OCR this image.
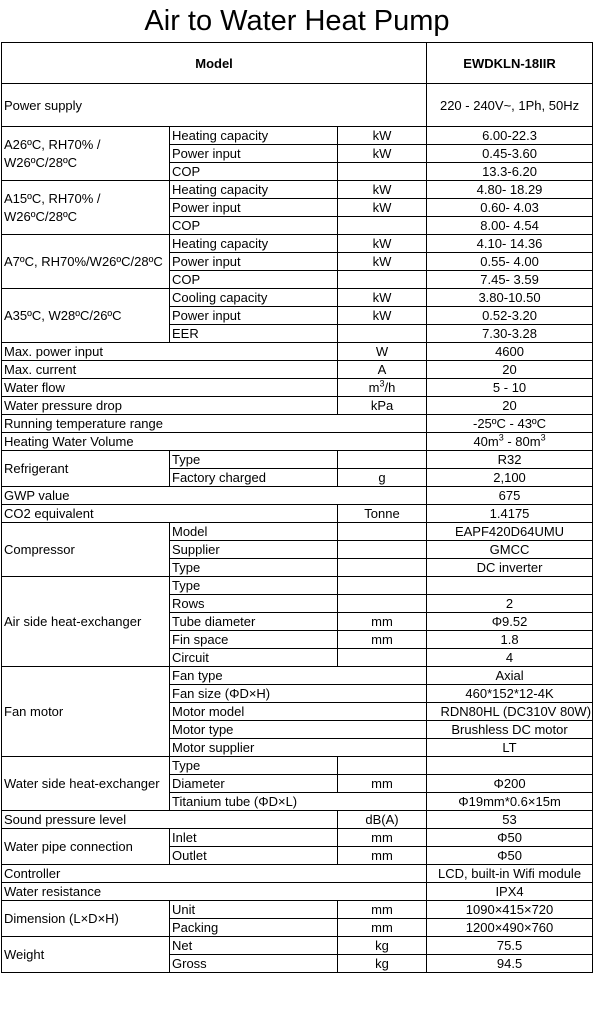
Air to Water Heat Pump
Model			EWDKLN-18IIR
Power supply			220 - 240V~, 1Ph, 50Hz
A26ºC, RH70% / W26ºC/28ºC	Heating capacity	kW	6.00-22.3
	Power input	kW	0.45-3.60
	COP		13.3-6.20
A15ºC, RH70% / W26ºC/28ºC	Heating capacity	kW	4.80- 18.29
	Power input	kW	0.60- 4.03
	COP		8.00- 4.54
A7ºC, RH70%/W26ºC/28ºC	Heating capacity	kW	4.10- 14.36
	Power input	kW	0.55- 4.00
	COP		7.45- 3.59
A35ºC, W28ºC/26ºC	Cooling capacity	kW	3.80-10.50
	Power input	kW	0.52-3.20
	EER		7.30-3.28
Max. power input		W	4600
Max. current		A	20
Water flow		$m^3/h$	5 - 10
Water pressure drop		kPa	20
Running temperature range			-25ºC - 43ºC
Heating Water Volume			$40m^3 - 80m^3$
Refrigerant	Type		R32
	Factory charged	g	2,100
GWP value			675
CO2 equivalent		Tonne	1.4175
Compressor	Model		EAPF420D64UMU
	Supplier		GMCC
	Type		DC inverter
Air side heat-exchanger	Type		
	Rows		2
	Tube diameter	mm	Φ9.52
	Fin space	mm	1.8
	Circuit		4
Fan motor	Fan type		Axial
	Fan size (ΦD×H)		460*152*12-4K
	Motor model		RDN80HL (DC310V 80W)
	Motor type		Brushless DC motor
	Motor supplier		LT
Water side heat-exchanger	Type		
	Diameter	mm	Φ200
	Titanium tube (ΦD×L)		Φ19mm*0.6×15m
Sound pressure level		dB(A)	53
Water pipe connection	Inlet	mm	Φ50
	Outlet	mm	Φ50
Controller			LCD, built-in Wifi module
Water resistance			IPX4
Dimension (L×D×H)	Unit	mm	1090×415×720
	Packing	mm	1200×490×760
Weight	Net	kg	75.5
	Gross	kg	94.5
